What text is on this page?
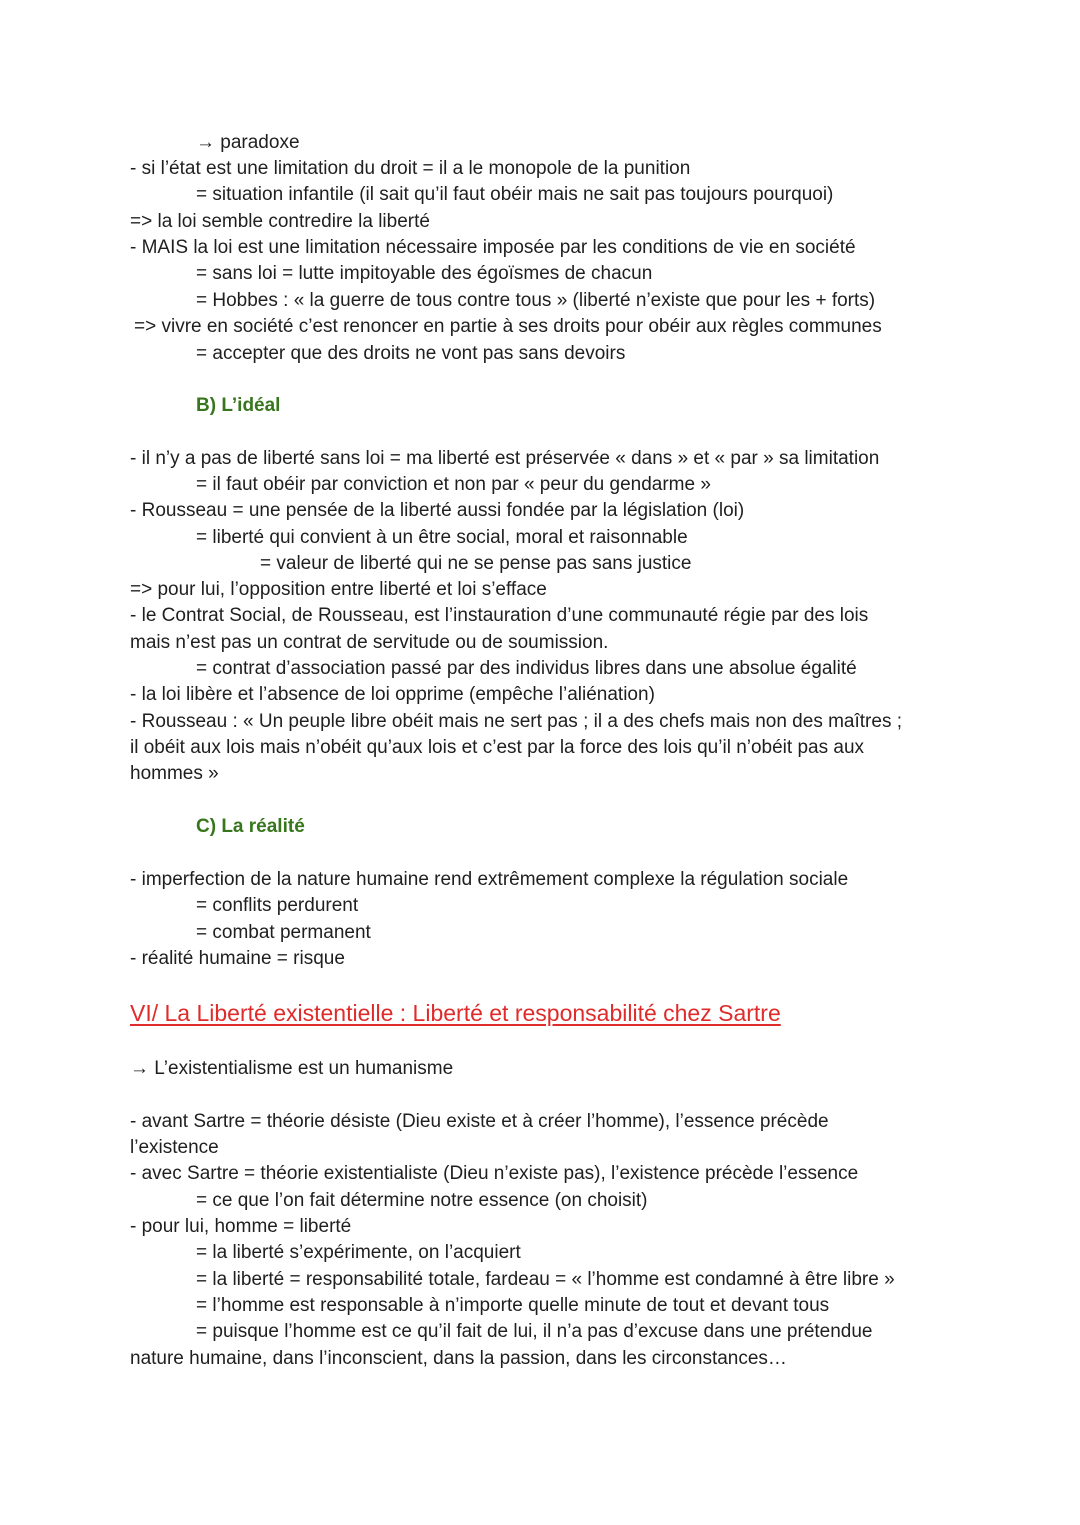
→ paradoxe
- si l’état est une limitation du droit = il a le monopole de la punition
= situation infantile (il sait qu’il faut obéir mais ne sait pas toujours pourquoi)
=> la loi semble contredire la liberté
- MAIS la loi est une limitation nécessaire imposée par les conditions de vie en société
= sans loi = lutte impitoyable des égoïsmes de chacun
= Hobbes : « la guerre de tous contre tous » (liberté n’existe que pour les + forts)
=> vivre en société c’est renoncer en partie à ses droits pour obéir aux règles communes
= accepter que des droits ne vont pas sans devoirs
B) L’idéal
- il n’y a pas de liberté sans loi = ma liberté est préservée « dans » et « par » sa limitation
= il faut obéir par conviction et non par « peur du gendarme »
- Rousseau = une pensée de la liberté aussi fondée par la législation (loi)
= liberté qui convient à un être social, moral et raisonnable
= valeur de liberté qui ne se pense pas sans justice
=> pour lui, l’opposition entre liberté et loi s’efface
- le Contrat Social, de Rousseau, est l’instauration d’une communauté régie par des lois
mais n’est pas un contrat de servitude ou de soumission.
= contrat d’association passé par des individus libres dans une absolue égalité
- la loi libère et l’absence de loi opprime (empêche l’aliénation)
- Rousseau : « Un peuple libre obéit mais ne sert pas ; il a des chefs mais non des maîtres ;
il obéit aux lois mais n’obéit qu’aux lois et c’est par la force des lois qu’il n’obéit pas aux
hommes »
C) La réalité
- imperfection de la nature humaine rend extrêmement complexe la régulation sociale
= conflits perdurent
= combat permanent
- réalité humaine = risque
VI/ La Liberté existentielle : Liberté et responsabilité chez Sartre
→ L’existentialisme est un humanisme
- avant Sartre = théorie désiste (Dieu existe et à créer l’homme), l’essence précède
l’existence
- avec Sartre = théorie existentialiste (Dieu n’existe pas), l’existence précède l’essence
= ce que l’on fait détermine notre essence (on choisit)
- pour lui, homme = liberté
= la liberté s’expérimente, on l’acquiert
= la liberté = responsabilité totale, fardeau = « l’homme est condamné à être libre »
= l’homme est responsable à n’importe quelle minute de tout et devant tous
= puisque l’homme est ce qu’il fait de lui, il n’a pas d’excuse dans une prétendue
nature humaine, dans l’inconscient, dans la passion, dans les circonstances…
